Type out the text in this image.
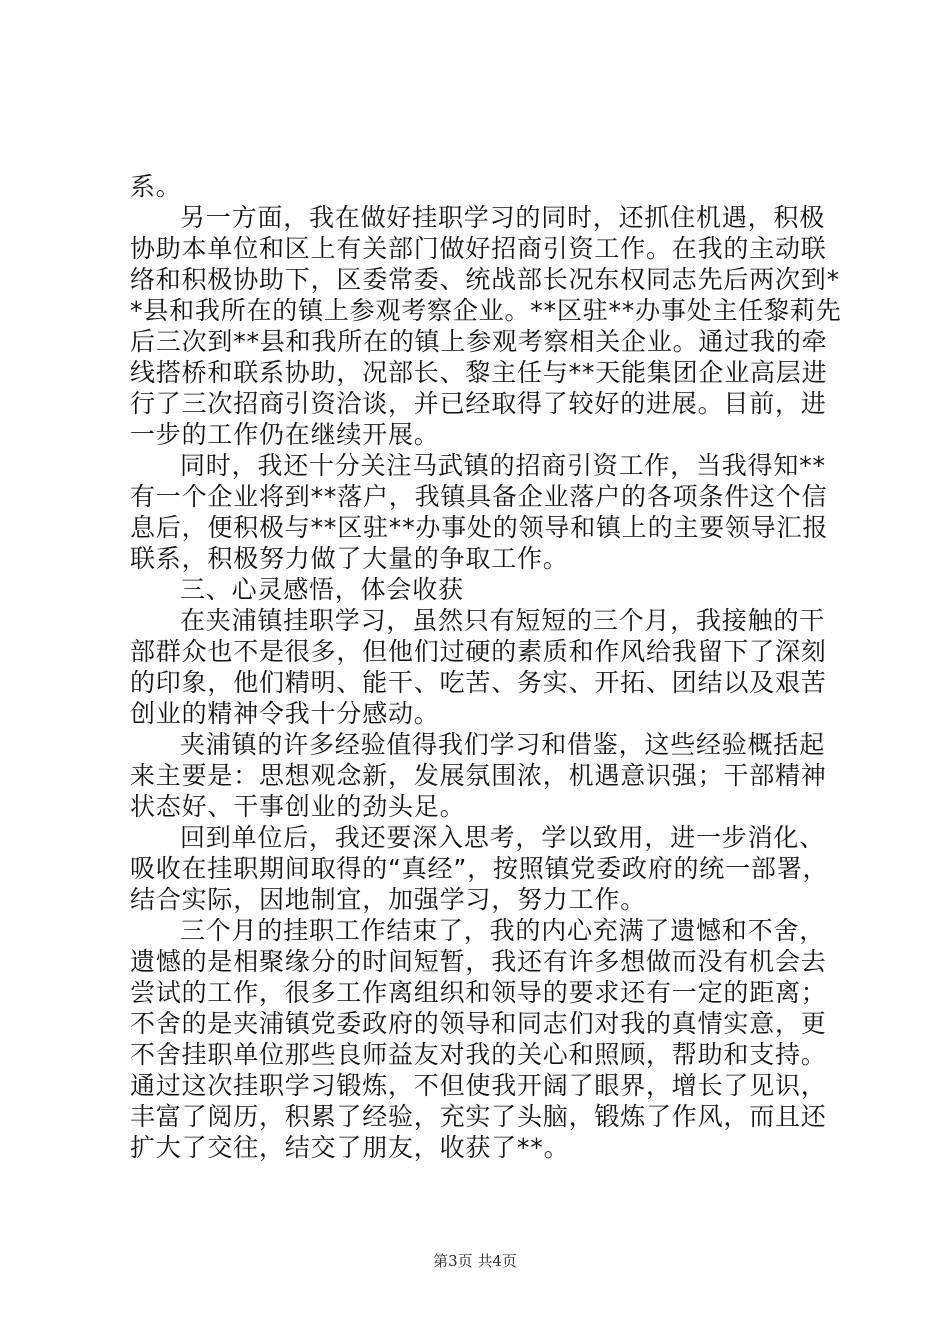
系。
另一方面，我在做好挂职学习的同时，还抓住机遇，积极
协助本单位和区上有关部门做好招商引资工作。在我的主动联
络和积极协助下，区委常委、统战部长况东权同志先后两次到*
*县和我所在的镇上参观考察企业。**区驻**办事处主任黎莉先
后三次到**县和我所在的镇上参观考察相关企业。通过我的牵
线搭桥和联系协助，况部长、黎主任与**天能集团企业高层进
行了三次招商引资洽谈，并已经取得了较好的进展。目前，进
一步的工作仍在继续开展。
同时，我还十分关注马武镇的招商引资工作，当我得知**
有一个企业将到**落户，我镇具备企业落户的各项条件这个信
息后，便积极与**区驻**办事处的领导和镇上的主要领导汇报
联系，积极努力做了大量的争取工作。
三、心灵感悟，体会收获
在夹浦镇挂职学习，虽然只有短短的三个月，我接触的干
部群众也不是很多，但他们过硬的素质和作风给我留下了深刻
的印象，他们精明、能干、吃苦、务实、开拓、团结以及艰苦
创业的精神令我十分感动。
夹浦镇的许多经验值得我们学习和借鉴，这些经验概括起
来主要是：思想观念新，发展氛围浓，机遇意识强；干部精神
状态好、干事创业的劲头足。
回到单位后，我还要深入思考，学以致用，进一步消化、
吸收在挂职期间取得的“真经”，按照镇党委政府的统一部署，
结合实际，因地制宜，加强学习，努力工作。
三个月的挂职工作结束了，我的内心充满了遗憾和不舍，
遗憾的是相聚缘分的时间短暂，我还有许多想做而没有机会去
尝试的工作，很多工作离组织和领导的要求还有一定的距离；
不舍的是夹浦镇党委政府的领导和同志们对我的真情实意，更
不舍挂职单位那些良师益友对我的关心和照顾，帮助和支持。
通过这次挂职学习锻炼，不但使我开阔了眼界，增长了见识，
丰富了阅历，积累了经验，充实了头脑，锻炼了作风，而且还
扩大了交往，结交了朋友，收获了**。
第3页 共4页
